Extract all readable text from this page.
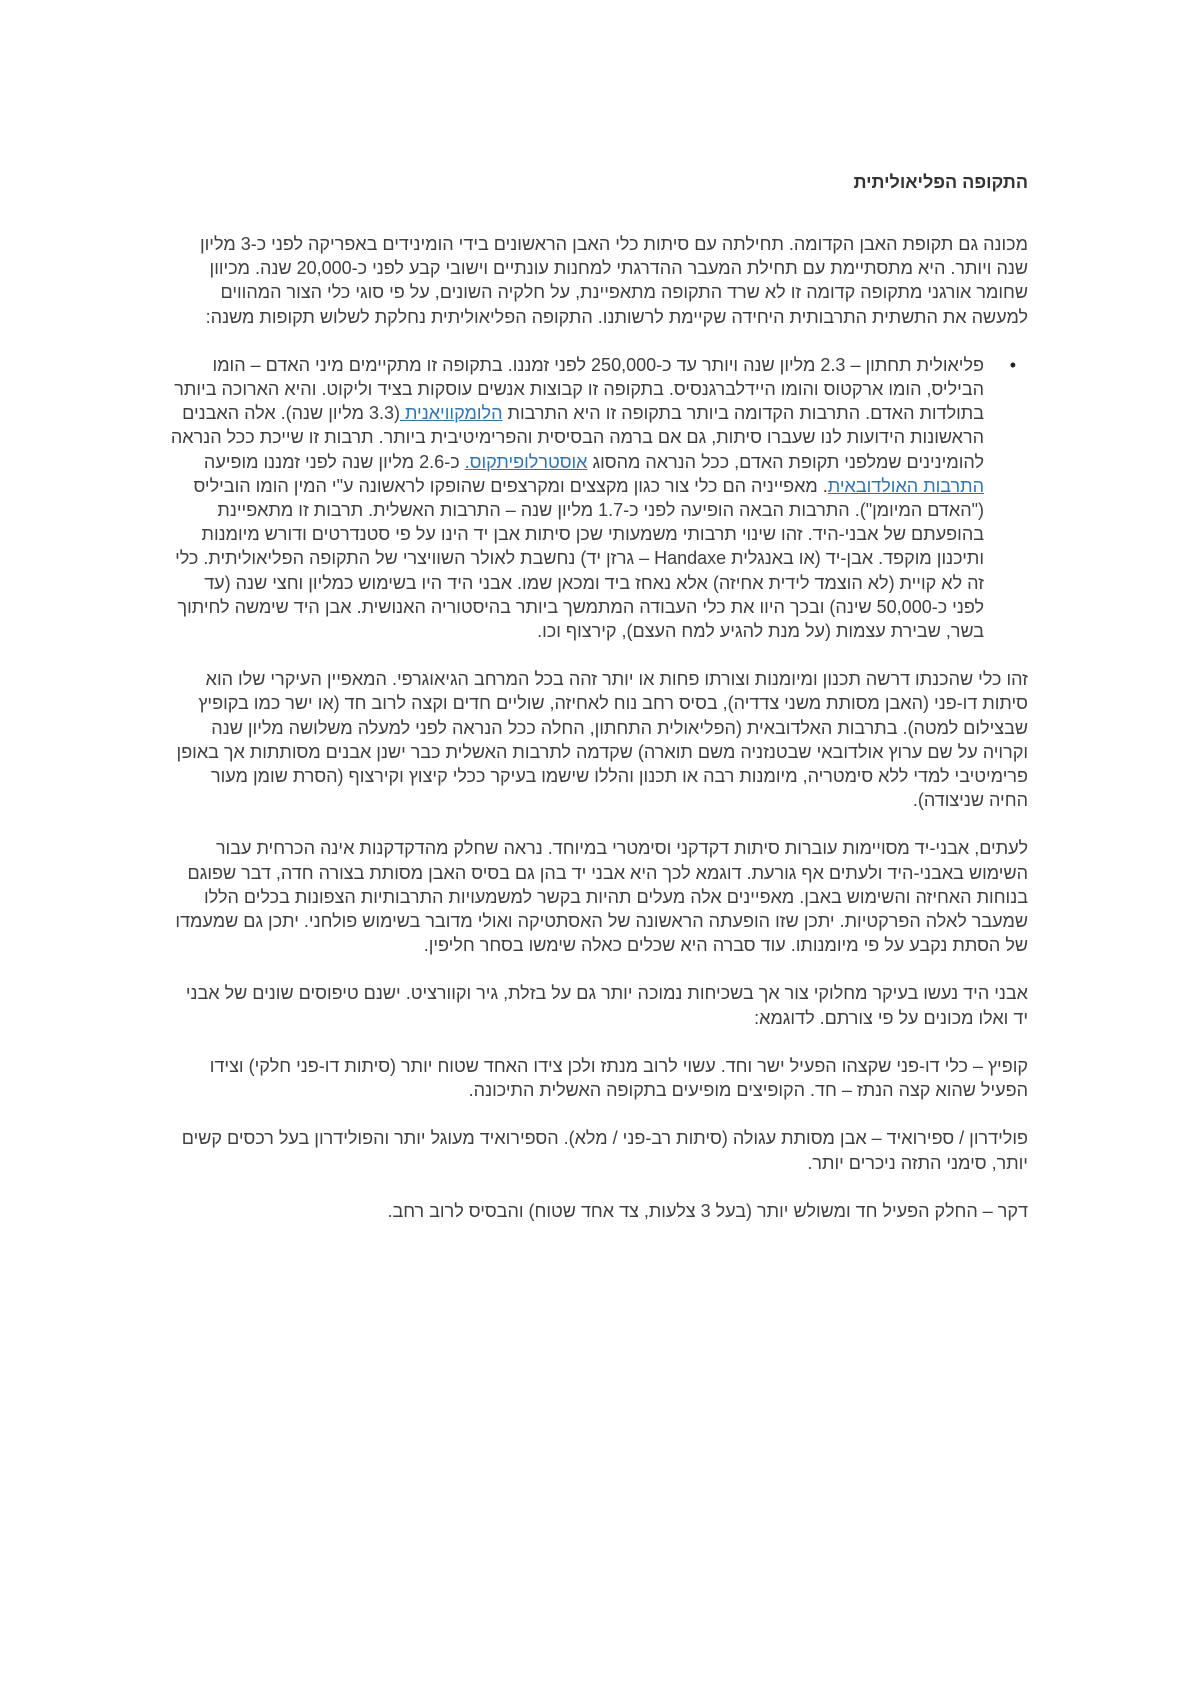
התקופה הפליאוליתית

מכונה גם תקופת האבן הקדומה. תחילתה עם סיתות כלי האבן הראשונים בידי הומינידים באפריקה לפני כ-3 מליון שנה ויותר. היא מתסתיימת עם תחילת המעבר ההדרגתי למחנות עונתיים וישובי קבע לפני כ-20,000 שנה. מכיוון שחומר אורגני מתקופה קדומה זו לא שרד התקופה מתאפיינת, על חלקיה השונים, על פי סוגי כלי הצור המהווים למעשה את התשתית התרבותית היחידה שקיימת לרשותנו. התקופה הפליאוליתית נחלקת לשלוש תקופות משנה:

•
פליאולית תחתון – 2.3 מליון שנה ויותר עד כ-250,000 לפני זמננו. בתקופה זו מתקיימים מיני האדם – הומו הביליס, הומו ארקטוס והומו היידלברגנסיס. בתקופה זו קבוצות אנשים עוסקות בציד וליקוט. והיא הארוכה ביותר בתולדות האדם. התרבות הקדומה ביותר בתקופה זו היא התרבות הלומקוויאנית (3.3 מליון שנה). אלה האבנים הראשונות הידועות לנו שעברו סיתות, גם אם ברמה הבסיסית והפרימיטיבית ביותר. תרבות זו שייכת ככל הנראה להומינינים שמלפני תקופת האדם, ככל הנראה מהסוג אוסטרלופיתקוס. כ-2.6 מליון שנה לפני זמננו מופיעה התרבות האולדובאית. מאפייניה הם כלי צור כגון מקצצים ומקרצפים שהופקו לראשונה ע"י המין הומו הוביליס ("האדם המיומן"). התרבות הבאה הופיעה לפני כ-1.7 מליון שנה – התרבות האשלית. תרבות זו מתאפיינת בהופעתם של אבני-היד. זהו שינוי תרבותי משמעותי שכן סיתות אבן יד הינו על פי סטנדרטים ודורש מיומנות ותיכנון מוקפד. אבן-יד (או באנגלית Handaxe – גרזן יד) נחשבת לאולר השוויצרי של התקופה הפליאוליתית. כלי זה לא קויית (לא הוצמד לידית אחיזה) אלא נאחז ביד ומכאן שמו. אבני היד היו בשימוש כמליון וחצי שנה (עד לפני כ-50,000 שינה) ובכך היוו את כלי העבודה המתמשך ביותר בהיסטוריה האנושית. אבן היד שימשה לחיתוך בשר, שבירת עצמות (על מנת להגיע למח העצם), קירצוף וכו.

זהו כלי שהכנתו דרשה תכנון ומיומנות וצורתו פחות או יותר זהה בכל המרחב הגיאוגרפי. המאפיין העיקרי שלו הוא סיתות דו-פני (האבן מסותת משני צדדיה), בסיס רחב נוח לאחיזה, שוליים חדים וקצה לרוב חד (או ישר כמו בקופיץ שבצילום למטה). בתרבות האלדובאית (הפליאולית התחתון, החלה ככל הנראה לפני למעלה משלושה מליון שנה וקרויה על שם ערוץ אולדובאי שבטנזניה משם תוארה) שקדמה לתרבות האשלית כבר ישנן אבנים מסותתות אך באופן פרימיטיבי למדי ללא סימטריה, מיומנות רבה או תכנון והללו שישמו בעיקר ככלי קיצוץ וקירצוף (הסרת שומן מעור החיה שניצודה).

לעתים, אבני-יד מסויימות עוברות סיתות דקדקני וסימטרי במיוחד. נראה שחלק מהדקדקנות אינה הכרחית עבור השימוש באבני-היד ולעתים אף גורעת. דוגמא לכך היא אבני יד בהן גם בסיס האבן מסותת בצורה חדה, דבר שפוגם בנוחות האחיזה והשימוש באבן. מאפיינים אלה מעלים תהיות בקשר למשמעויות התרבותיות הצפונות בכלים הללו שמעבר לאלה הפרקטיות. יתכן שזו הופעתה הראשונה של האסתטיקה ואולי מדובר בשימוש פולחני. יתכן גם שמעמדו של הסתת נקבע על פי מיומנותו. עוד סברה היא שכלים כאלה שימשו בסחר חליפין.

אבני היד נעשו בעיקר מחלוקי צור אך בשכיחות נמוכה יותר גם על בזלת, גיר וקוורציט. ישנם טיפוסים שונים של אבני יד ואלו מכונים על פי צורתם. לדוגמא:

קופיץ – כלי דו-פני שקצהו הפעיל ישר וחד. עשוי לרוב מנתז ולכן צידו האחד שטוח יותר (סיתות דו-פני חלקי) וצידו הפעיל שהוא קצה הנתז – חד. הקופיצים מופיעים בתקופה האשלית התיכונה.

פולידרון / ספירואיד – אבן מסותת עגולה (סיתות רב-פני / מלא). הספירואיד מעוגל יותר והפולידרון בעל רכסים קשים יותר, סימני התזה ניכרים יותר.

דקר – החלק הפעיל חד ומשולש יותר (בעל 3 צלעות, צד אחד שטוח) והבסיס לרוב רחב.
